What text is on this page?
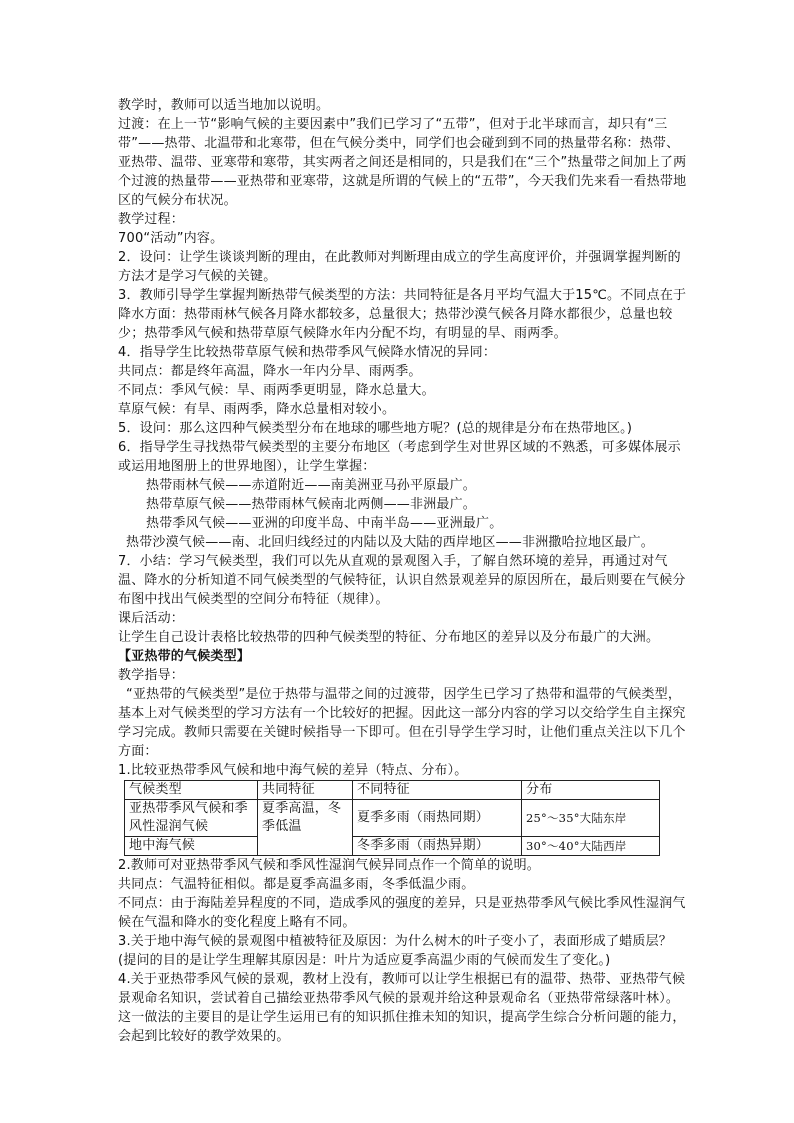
教学时，教师可以适当地加以说明。

过渡：在上一节“影响气候的主要因素中”我们已学习了“五带”，但对于北半球而言，却只有“三带”——热带、北温带和北寒带，但在气候分类中，同学们也会碰到到不同的热量带名称：热带、亚热带、温带、亚寒带和寒带，其实两者之间还是相同的，只是我们在“三个”热量带之间加上了两个过渡的热量带——亚热带和亚寒带，这就是所谓的气候上的“五带”，今天我们先来看一看热带地区的气候分布状况。

教学过程：

700“活动”内容。

2．设问：让学生谈谈判断的理由，在此教师对判断理由成立的学生高度评价，并强调掌握判断的方法才是学习气候的关键。

3．教师引导学生掌握判断热带气候类型的方法：共同特征是各月平均气温大于15℃。不同点在于降水方面：热带雨林气候各月降水都较多，总量很大；热带沙漠气候各月降水都很少，总量也较少；热带季风气候和热带草原气候降水年内分配不均，有明显的旱、雨两季。

4．指导学生比较热带草原气候和热带季风气候降水情况的异同：

共同点：都是终年高温，降水一年内分旱、雨两季。

不同点：季风气候：旱、雨两季更明显，降水总量大。

草原气候：有旱、雨两季，降水总量相对较小。

5．设问：那么这四种气候类型分布在地球的哪些地方呢？(总的规律是分布在热带地区。)

6．指导学生寻找热带气候类型的主要分布地区（考虑到学生对世界区域的不熟悉，可多媒体展示或运用地图册上的世界地图），让学生掌握：

热带雨林气候——赤道附近——南美洲亚马孙平原最广。

热带草原气候——热带雨林气候南北两侧——非洲最广。

热带季风气候——亚洲的印度半岛、中南半岛——亚洲最广。

热带沙漠气候——南、北回归线经过的内陆以及大陆的西岸地区——非洲撒哈拉地区最广。

7．小结：学习气候类型，我们可以先从直观的景观图入手，了解自然环境的差异，再通过对气温、降水的分析知道不同气候类型的气候特征，认识自然景观差异的原因所在，最后则要在气候分布图中找出气候类型的空间分布特征（规律）。

课后活动：

让学生自己设计表格比较热带的四种气候类型的特征、分布地区的差异以及分布最广的大洲。

【亚热带的气候类型】

教学指导：

“亚热带的气候类型”是位于热带与温带之间的过渡带，因学生已学习了热带和温带的气候类型，基本上对气候类型的学习方法有一个比较好的把握。因此这一部分内容的学习以交给学生自主探究学习完成。教师只需要在关键时候指导一下即可。但在引导学生学习时，让他们重点关注以下几个方面：

1.比较亚热带季风气候和地中海气候的差异（特点、分布）。

气候类型	共同特征	不同特征	分布
亚热带季风气候和季风性湿润气候	夏季高温，冬季低温	夏季多雨（雨热同期）	25°～35°大陆东岸
地中海气候		冬季多雨（雨热异期）	30°～40°大陆西岸

2.教师可对亚热带季风气候和季风性湿润气候异同点作一个简单的说明。

共同点：气温特征相似。都是夏季高温多雨，冬季低温少雨。

不同点：由于海陆差异程度的不同，造成季风的强度的差异，只是亚热带季风气候比季风性湿润气候在气温和降水的变化程度上略有不同。

3.关于地中海气候的景观图中植被特征及原因：为什么树木的叶子变小了，表面形成了蜡质层？(提问的目的是让学生理解其原因是：叶片为适应夏季高温少雨的气候而发生了变化。)

4.关于亚热带季风气候的景观，教材上没有，教师可以让学生根据已有的温带、热带、亚热带气候景观命名知识，尝试着自己描绘亚热带季风气候的景观并给这种景观命名（亚热带常绿落叶林）。这一做法的主要目的是让学生运用已有的知识抓住推未知的知识，提高学生综合分析问题的能力，会起到比较好的教学效果的。
